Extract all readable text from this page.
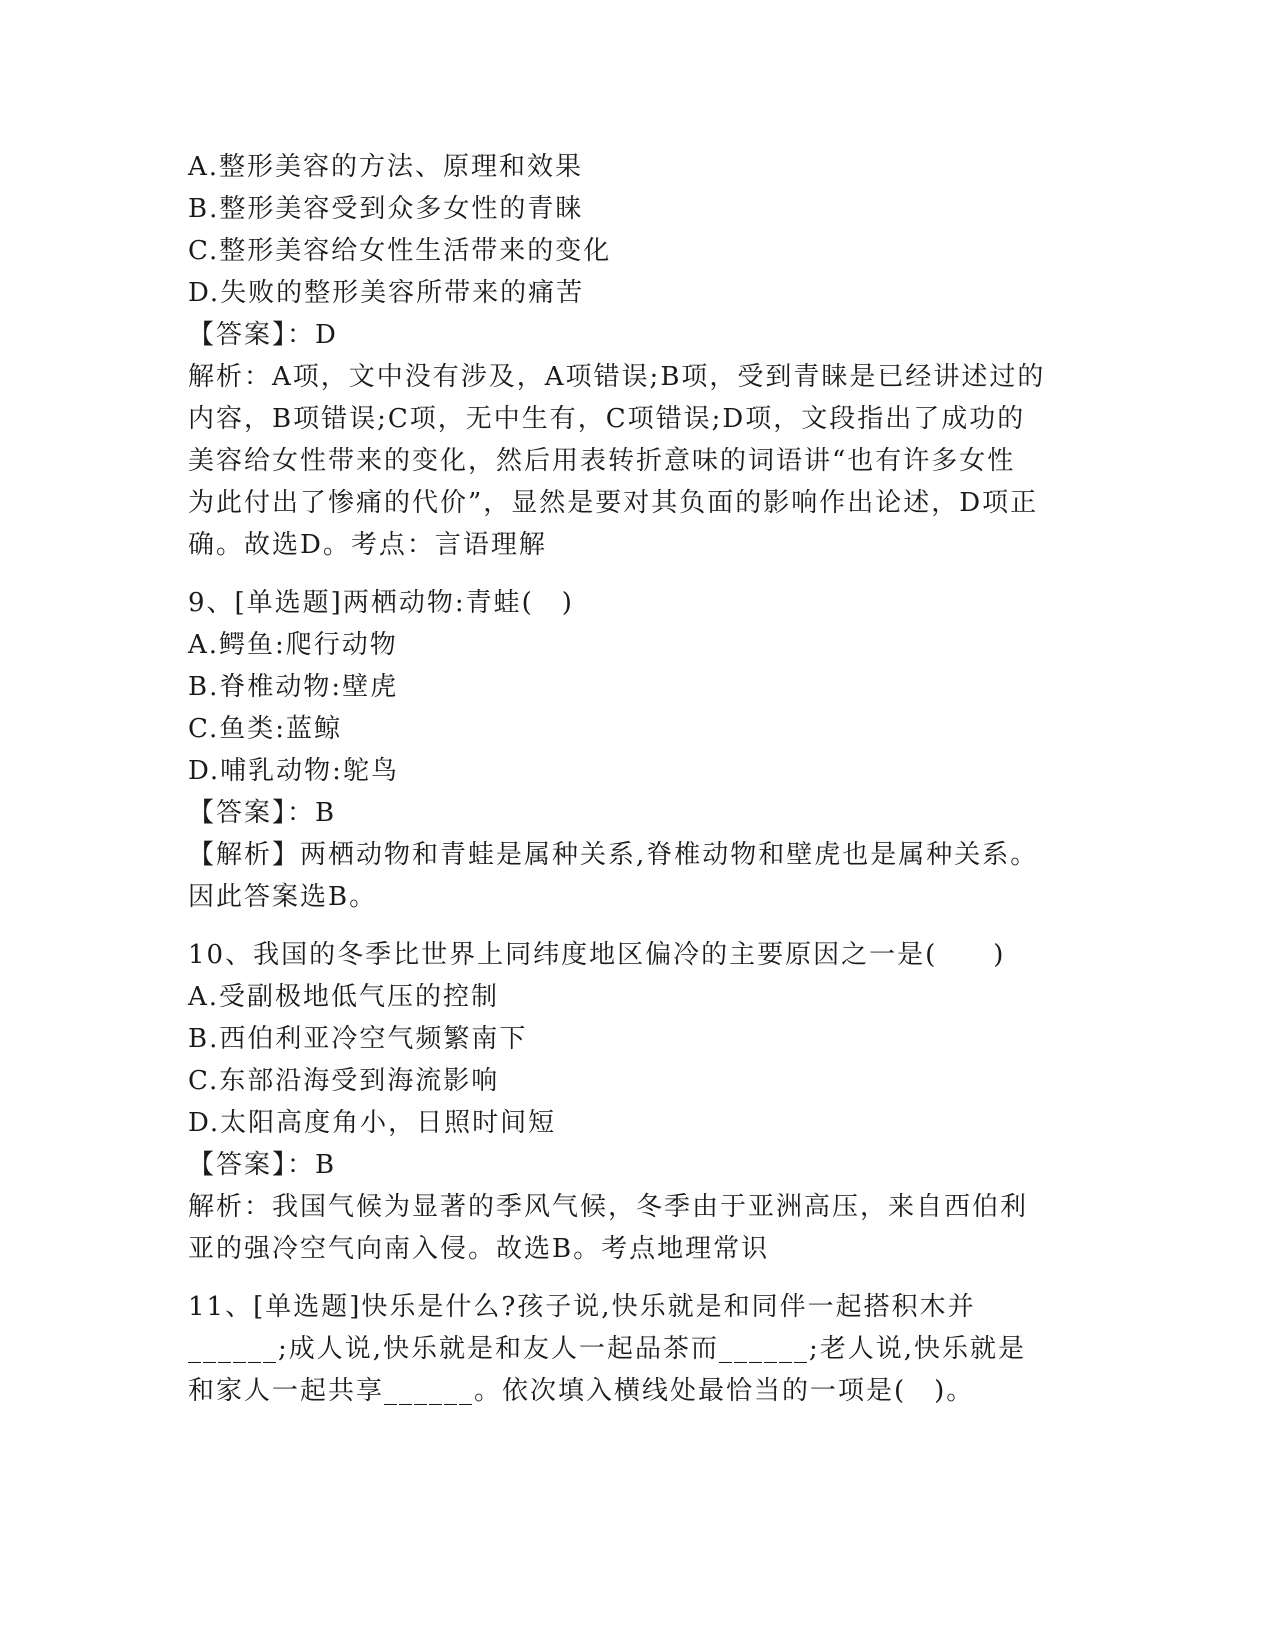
A.整形美容的方法、原理和效果
B.整形美容受到众多女性的青睐
C.整形美容给女性生活带来的变化
D.失败的整形美容所带来的痛苦
【答案】：D
解析：A项，文中没有涉及，A项错误;B项，受到青睐是已经讲述过的
内容，B项错误;C项，无中生有，C项错误;D项，文段指出了成功的
美容给女性带来的变化，然后用表转折意味的词语讲“也有许多女性
为此付出了惨痛的代价”，显然是要对其负面的影响作出论述，D项正
确。故选D。考点：言语理解
9、[单选题]两栖动物:青蛙(　)
A.鳄鱼:爬行动物
B.脊椎动物:壁虎
C.鱼类:蓝鲸
D.哺乳动物:鸵鸟
【答案】：B
【解析】两栖动物和青蛙是属种关系,脊椎动物和壁虎也是属种关系。
因此答案选B。
10、我国的冬季比世界上同纬度地区偏冷的主要原因之一是(　　)
A.受副极地低气压的控制
B.西伯利亚冷空气频繁南下
C.东部沿海受到海流影响
D.太阳高度角小，日照时间短
【答案】：B
解析：我国气候为显著的季风气候，冬季由于亚洲高压，来自西伯利
亚的强冷空气向南入侵。故选B。考点地理常识
11、[单选题]快乐是什么?孩子说,快乐就是和同伴一起搭积木并
______;成人说,快乐就是和友人一起品茶而______;老人说,快乐就是
和家人一起共享______。依次填入横线处最恰当的一项是(　)。
